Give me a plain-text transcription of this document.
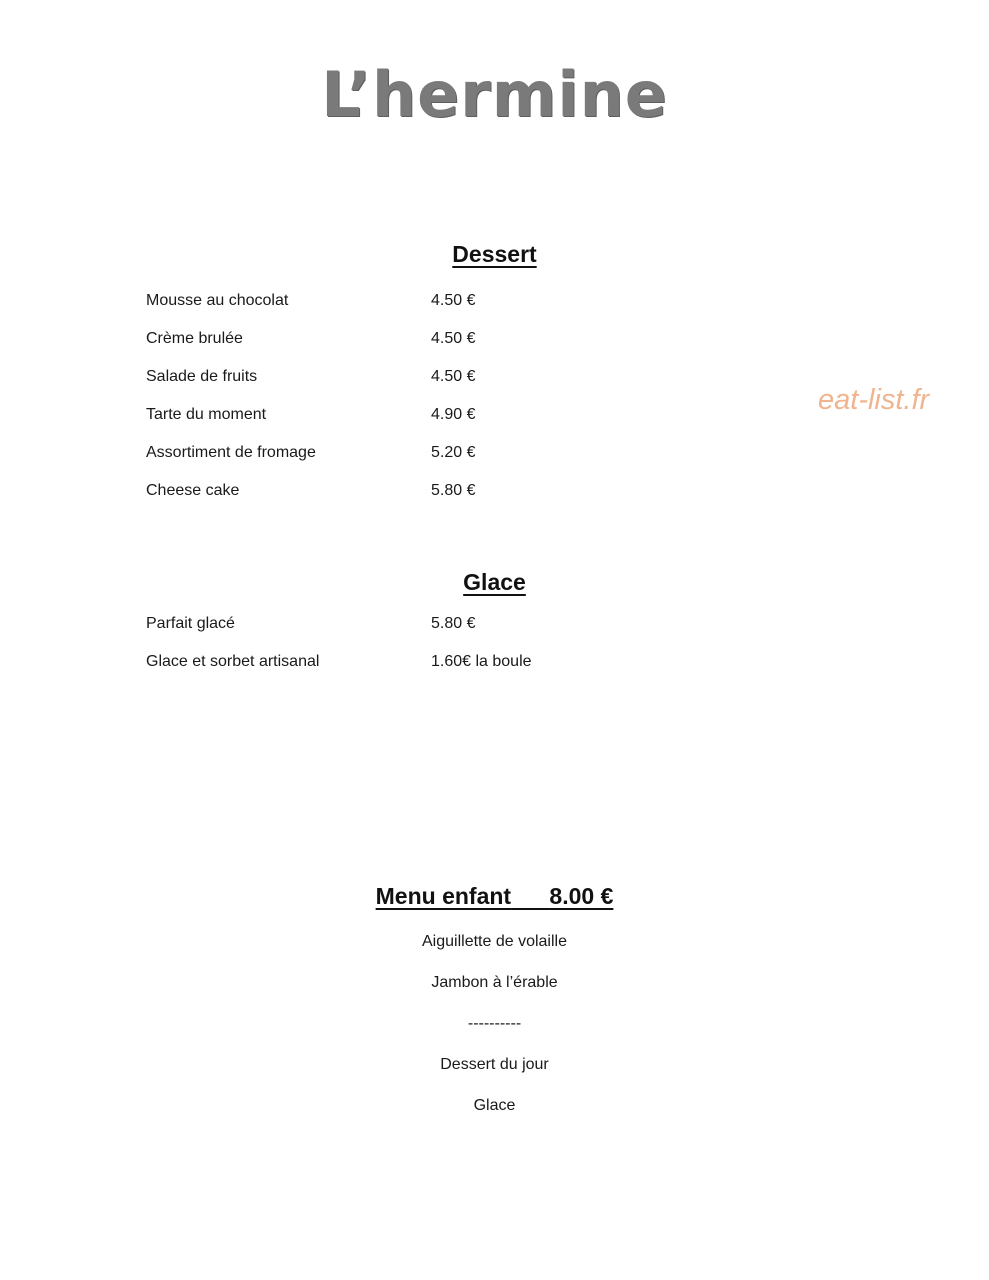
L’hermine
eat-list.fr
Dessert
Mousse au chocolat	4.50 €
Crème brulée	4.50 €
Salade de fruits	4.50 €
Tarte du moment	4.90 €
Assortiment de fromage	5.20 €
Cheese cake	5.80 €
Glace
Parfait glacé	5.80 €
Glace et sorbet artisanal	1.60€ la boule
Menu enfant 8.00 €
Aiguillette de volaille
Jambon à l’érable
----------
Dessert du jour
Glace
